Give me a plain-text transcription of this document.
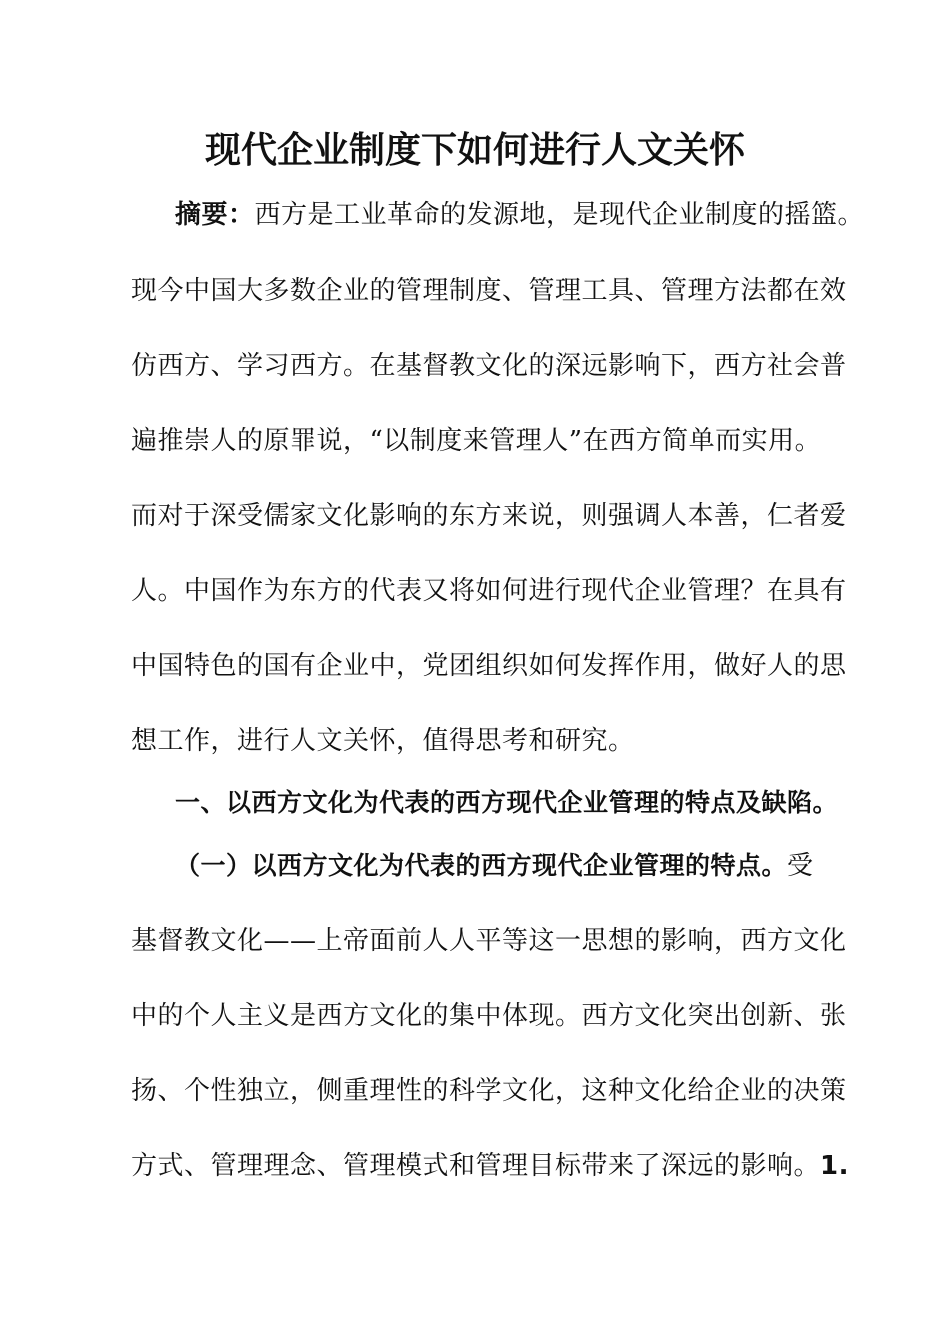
现代企业制度下如何进行人文关怀
摘要：西方是工业革命的发源地，是现代企业制度的摇篮。
现今中国大多数企业的管理制度、管理工具、管理方法都在效
仿西方、学习西方。在基督教文化的深远影响下，西方社会普
遍推崇人的原罪说，“以制度来管理人”在西方简单而实用。
而对于深受儒家文化影响的东方来说，则强调人本善，仁者爱
人。中国作为东方的代表又将如何进行现代企业管理？在具有
中国特色的国有企业中，党团组织如何发挥作用，做好人的思
想工作，进行人文关怀，值得思考和研究。
一、以西方文化为代表的西方现代企业管理的特点及缺陷。
（一）以西方文化为代表的西方现代企业管理的特点。受
基督教文化——上帝面前人人平等这一思想的影响，西方文化
中的个人主义是西方文化的集中体现。西方文化突出创新、张
扬、个性独立，侧重理性的科学文化，这种文化给企业的决策
方式、管理理念、管理模式和管理目标带来了深远的影响。1.
